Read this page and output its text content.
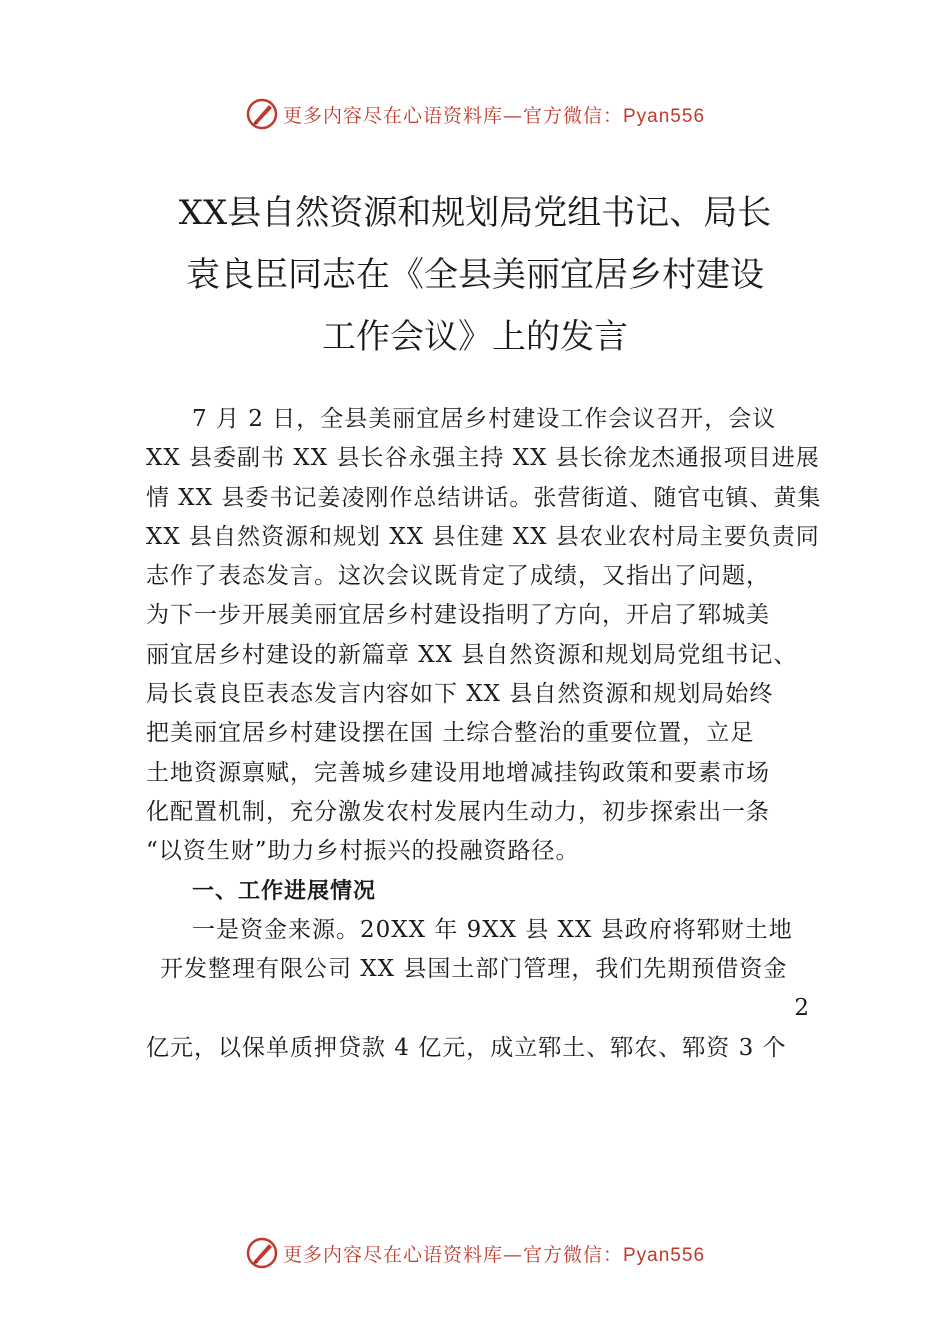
更多内容尽在心语资料库—官方微信：Pyan556
XX县自然资源和规划局党组书记、局长
袁良臣同志在《全县美丽宜居乡村建设
工作会议》上的发言
7 月 2 日，全县美丽宜居乡村建设工作会议召开，会议
XX 县委副书 XX 县长谷永强主持 XX 县长徐龙杰通报项目进展
情 XX 县委书记姜凌刚作总结讲话。张营街道、随官屯镇、黄集
XX 县自然资源和规划 XX 县住建 XX 县农业农村局主要负责同
志作了表态发言。这次会议既肯定了成绩，又指出了问题，
为下一步开展美丽宜居乡村建设指明了方向，开启了郓城美
丽宜居乡村建设的新篇章 XX 县自然资源和规划局党组书记、
局长袁良臣表态发言内容如下 XX 县自然资源和规划局始终
把美丽宜居乡村建设摆在国 土综合整治的重要位置，立足
土地资源禀赋，完善城乡建设用地增减挂钩政策和要素市场
化配置机制，充分激发农村发展内生动力，初步探索出一条
“以资生财”助力乡村振兴的投融资路径。
一、工作进展情况
一是资金来源。20XX 年 9XX 县 XX 县政府将郓财土地
开发整理有限公司 XX 县国土部门管理，我们先期预借资金
2
亿元，以保单质押贷款 4 亿元，成立郓土、郓农、郓资 3 个
更多内容尽在心语资料库—官方微信：Pyan556
